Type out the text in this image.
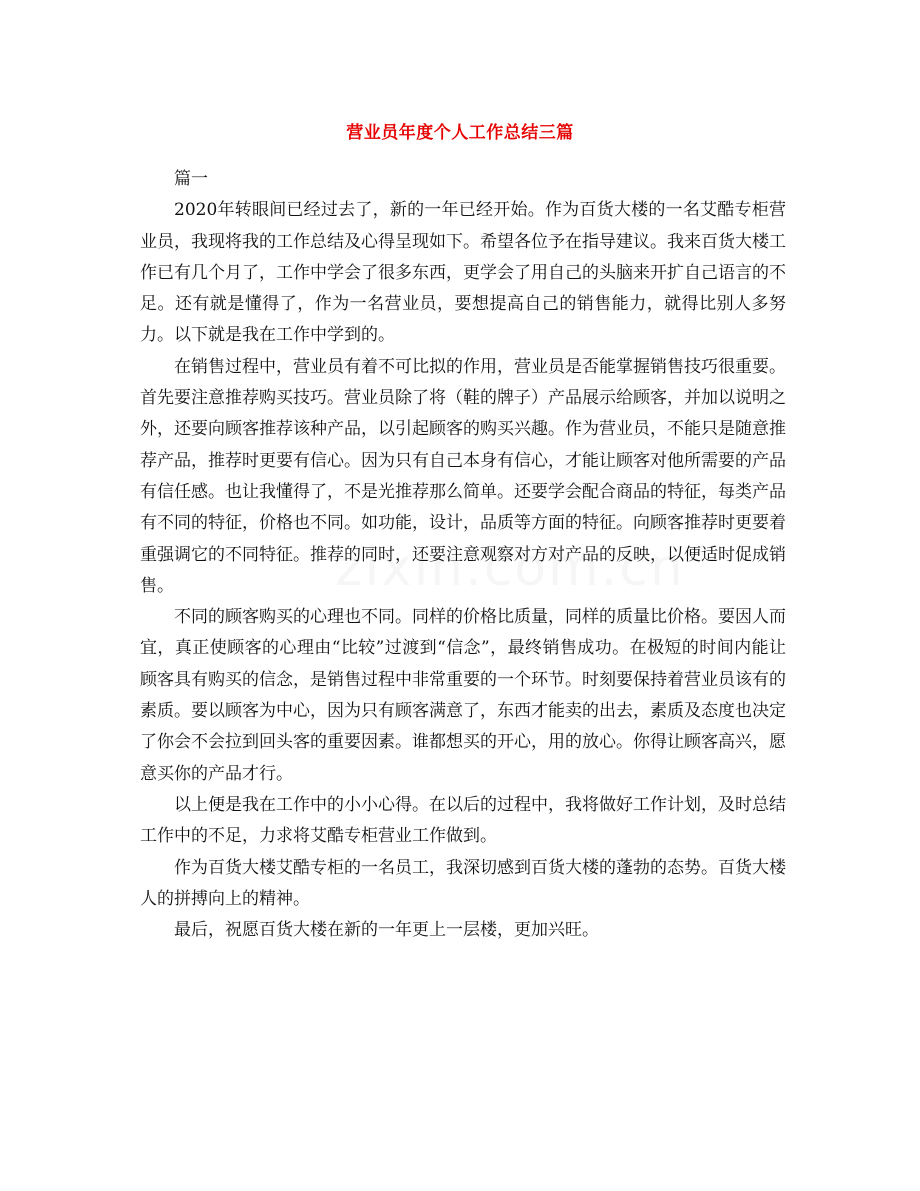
营业员年度个人工作总结三篇

篇一

2020年转眼间已经过去了，新的一年已经开始。作为百货大楼的一名艾酷专柜营业员，我现将我的工作总结及心得呈现如下。希望各位予在指导建议。我来百货大楼工作已有几个月了，工作中学会了很多东西，更学会了用自己的头脑来开扩自己语言的不足。还有就是懂得了，作为一名营业员，要想提高自己的销售能力，就得比别人多努力。以下就是我在工作中学到的。

在销售过程中，营业员有着不可比拟的作用，营业员是否能掌握销售技巧很重要。首先要注意推荐购买技巧。营业员除了将（鞋的牌子）产品展示给顾客，并加以说明之外，还要向顾客推荐该种产品，以引起顾客的购买兴趣。作为营业员，不能只是随意推荐产品，推荐时更要有信心。因为只有自己本身有信心，才能让顾客对他所需要的产品有信任感。也让我懂得了，不是光推荐那么简单。还要学会配合商品的特征，每类产品有不同的特征，价格也不同。如功能，设计，品质等方面的特征。向顾客推荐时更要着重强调它的不同特征。推荐的同时，还要注意观察对方对产品的反映，以便适时促成销售。

不同的顾客购买的心理也不同。同样的价格比质量，同样的质量比价格。要因人而宜，真正使顾客的心理由“比较”过渡到“信念”，最终销售成功。在极短的时间内能让顾客具有购买的信念，是销售过程中非常重要的一个环节。时刻要保持着营业员该有的素质。要以顾客为中心，因为只有顾客满意了，东西才能卖的出去，素质及态度也决定了你会不会拉到回头客的重要因素。谁都想买的开心，用的放心。你得让顾客高兴，愿意买你的产品才行。

以上便是我在工作中的小小心得。在以后的过程中，我将做好工作计划，及时总结工作中的不足，力求将艾酷专柜营业工作做到。

作为百货大楼艾酷专柜的一名员工，我深切感到百货大楼的蓬勃的态势。百货大楼人的拼搏向上的精神。

最后，祝愿百货大楼在新的一年更上一层楼，更加兴旺。
